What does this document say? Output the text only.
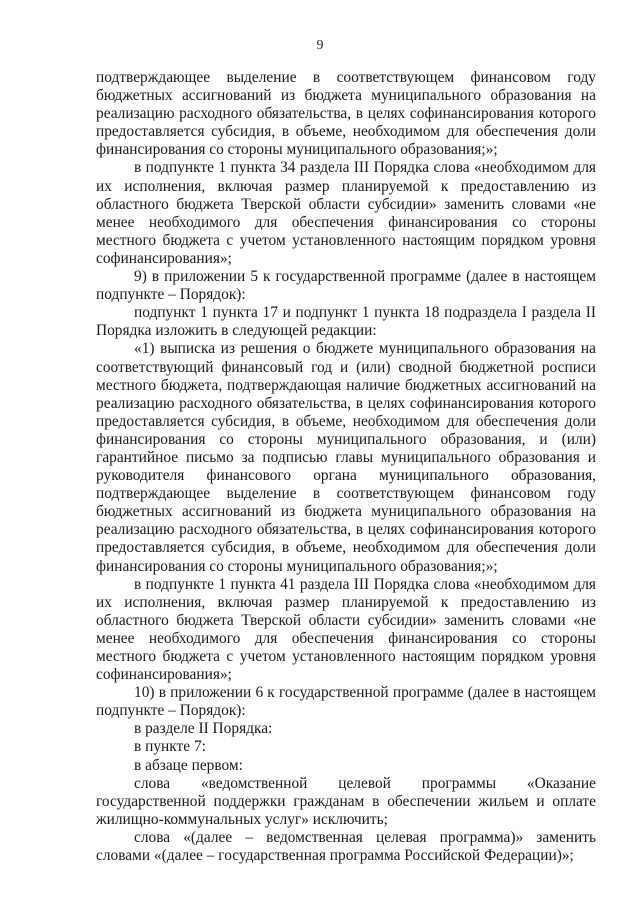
9

подтверждающее выделение в соответствующем финансовом году бюджетных ассигнований из бюджета муниципального образования на реализацию расходного обязательства, в целях софинансирования которого предоставляется субсидия, в объеме, необходимом для обеспечения доли финансирования со стороны муниципального образования;»;

в подпункте 1 пункта 34 раздела III Порядка слова «необходимом для их исполнения, включая размер планируемой к предоставлению из областного бюджета Тверской области субсидии» заменить словами «не менее необходимого для обеспечения финансирования со стороны местного бюджета с учетом установленного настоящим порядком уровня софинансирования»;

9) в приложении 5 к государственной программе (далее в настоящем подпункте – Порядок):

подпункт 1 пункта 17 и подпункт 1 пункта 18 подраздела I раздела II Порядка изложить в следующей редакции:

«1) выписка из решения о бюджете муниципального образования на соответствующий финансовый год и (или) сводной бюджетной росписи местного бюджета, подтверждающая наличие бюджетных ассигнований на реализацию расходного обязательства, в целях софинансирования которого предоставляется субсидия, в объеме, необходимом для обеспечения доли финансирования со стороны муниципального образования, и (или) гарантийное письмо за подписью главы муниципального образования и руководителя финансового органа муниципального образования, подтверждающее выделение в соответствующем финансовом году бюджетных ассигнований из бюджета муниципального образования на реализацию расходного обязательства, в целях софинансирования которого предоставляется субсидия, в объеме, необходимом для обеспечения доли финансирования со стороны муниципального образования;»;

в подпункте 1 пункта 41 раздела III Порядка слова «необходимом для их исполнения, включая размер планируемой к предоставлению из областного бюджета Тверской области субсидии» заменить словами «не менее необходимого для обеспечения финансирования со стороны местного бюджета с учетом установленного настоящим порядком уровня софинансирования»;

10) в приложении 6 к государственной программе (далее в настоящем подпункте – Порядок):

в разделе II Порядка:

в пункте 7:

в абзаце первом:

слова «ведомственной целевой программы «Оказание государственной поддержки гражданам в обеспечении жильем и оплате жилищно-коммунальных услуг» исключить;

слова «(далее – ведомственная целевая программа)» заменить словами «(далее – государственная программа Российской Федерации)»;
